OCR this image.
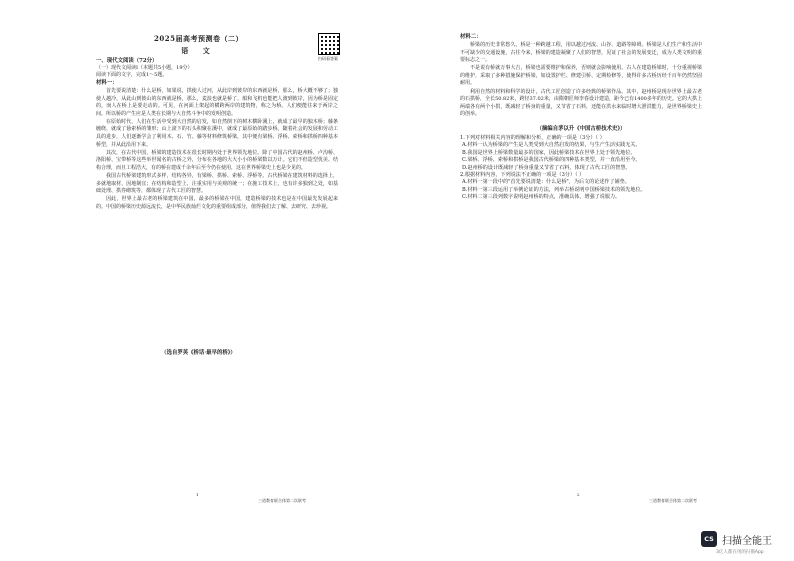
2025届高考预测卷（二）
语 文
扫码看答案

一、现代文阅读（72分）

（一）现代文阅读Ⅰ（本题共5小题，19分）

阅读下面的文字，完成1～5题。

材料一：

首先要说清楚：什么是桥，如果说，拱使人过河，从此岸到彼岸的东西就是桥，那么，桥大概不够了；独使人越冷，从此山到彼山的东西就是桥，那么，麦浪也就是桥了。船和飞机也能把人渡到彼岸，因为桥是固定的，而人在桥上是要走动的。可见，在河面上架起的横跨两岸的建筑物，称之为桥。人们便能往来于两岸之间。所以桥的产生应是人类在长期与大自然斗争中的发明创造。

在原始时代，人们在生活中受到大自然的启发，如自然倒下的树木横卧溪上，就成了最早的独木桥；藤条缠绕，就成了悬索桥的雏形；山上滚下的石头积聚在溪中，就成了最原始的踏步桥。随着社会的发展和劳动工具的进步，人们逐渐学会了利用木、石、竹、藤等材料修筑桥梁，其中便有梁桥、浮桥、索桥和拱桥四种基本桥型，并从此沿用下来。

其次，在古代中国，桥梁的建造技术在很长时期内处于世界领先地位。除了中国古代的赵州桥、卢沟桥、洛阳桥、宝带桥等这些举世闻名的古桥之外，分布在各地的大大小小的桥梁数以万计。它们不但造型优美、结构合理，而且工程浩大，有的桥在建成千余年后至今仍在使用，这在世界桥梁史上也是少见的。

我国古代桥梁建筑形式多样，结构各异，有梁桥、拱桥、索桥、浮桥等。古代桥梁在建筑材料的选择上，多就地取材，因地制宜；在结构和造型上，注重实用与美观的统一；在施工技术上，也有许多独到之处，如基础处理、拱券砌筑等，都体现了古代工匠的智慧。

因此，世界上最古老的桥梁建筑在中国，最多的桥梁在中国，建造桥梁的技术也是在中国最先发展起来的。中国的桥梁历史源远流长，是中华民族灿烂文化的重要组成部分，值得我们去了解、去研究、去珍视。

（选自罗英《桥话·最早的桥》）
1
三道教育联合体第二次联考

材料二：

桥梁的历史非常悠久，桥是一种跨越工程，用以越过河流、山谷、道路等障碍。桥梁是人们生产和生活中不可缺少的交通设施，古往今来，桥梁的建造凝聚了人们的智慧，见证了社会的发展变迁，成为人类文明的重要标志之一。

不是说有桥就万事大吉，桥梁也需要维护和保养，否则就会影响使用。古人在建造桥梁时，十分重视桥梁的维护，采取了多种措施保护桥梁，如设置护栏、修建引桥、定期检修等，使得许多古桥历经千百年仍然坚固耐用。

利用自然的材料和科学的设计，古代工匠创造了许多经典的桥梁作品。其中，赵州桥是现存世界上最古老的石拱桥，全长50.82米，跨径37.02米，由隋朝匠师李春设计建造，距今已有1400多年的历史。它的大拱上两端各有两个小拱，既减轻了桥身的重量，又节省了石料，还能在洪水来临时增大泄洪能力，是世界桥梁史上的创举。

（摘编自茅以升《中国古桥技术史》）

1.下列对材料相关内容的理解和分析，正确的一项是（3分）（ ）

A.材料一认为桥梁的产生是人类受到大自然启发的结果，与生产生活实践无关。

B.我国是世界上桥梁数量最多的国家，因此桥梁技术在世界上处于领先地位。

C.梁桥、浮桥、索桥和拱桥是我国古代桥梁的四种基本类型，并一直沿用至今。

D.赵州桥的设计既减轻了桥身重量又节省了石料，体现了古代工匠的智慧。

2.根据材料内容，下列说法不正确的一项是（3分）（ ）

A.材料一第一段中的"首先要说清楚：什么是桥"，为后文的论述作了铺垫。

B.材料一第三段运用了举例论证的方法，列举古桥说明中国桥梁技术的领先地位。

C.材料二第三段列数字说明赵州桥的特点，准确具体，增强了说服力。

2
三道教育联合体第二次联考
CS 扫描全能王
3亿人都在用的扫描App
